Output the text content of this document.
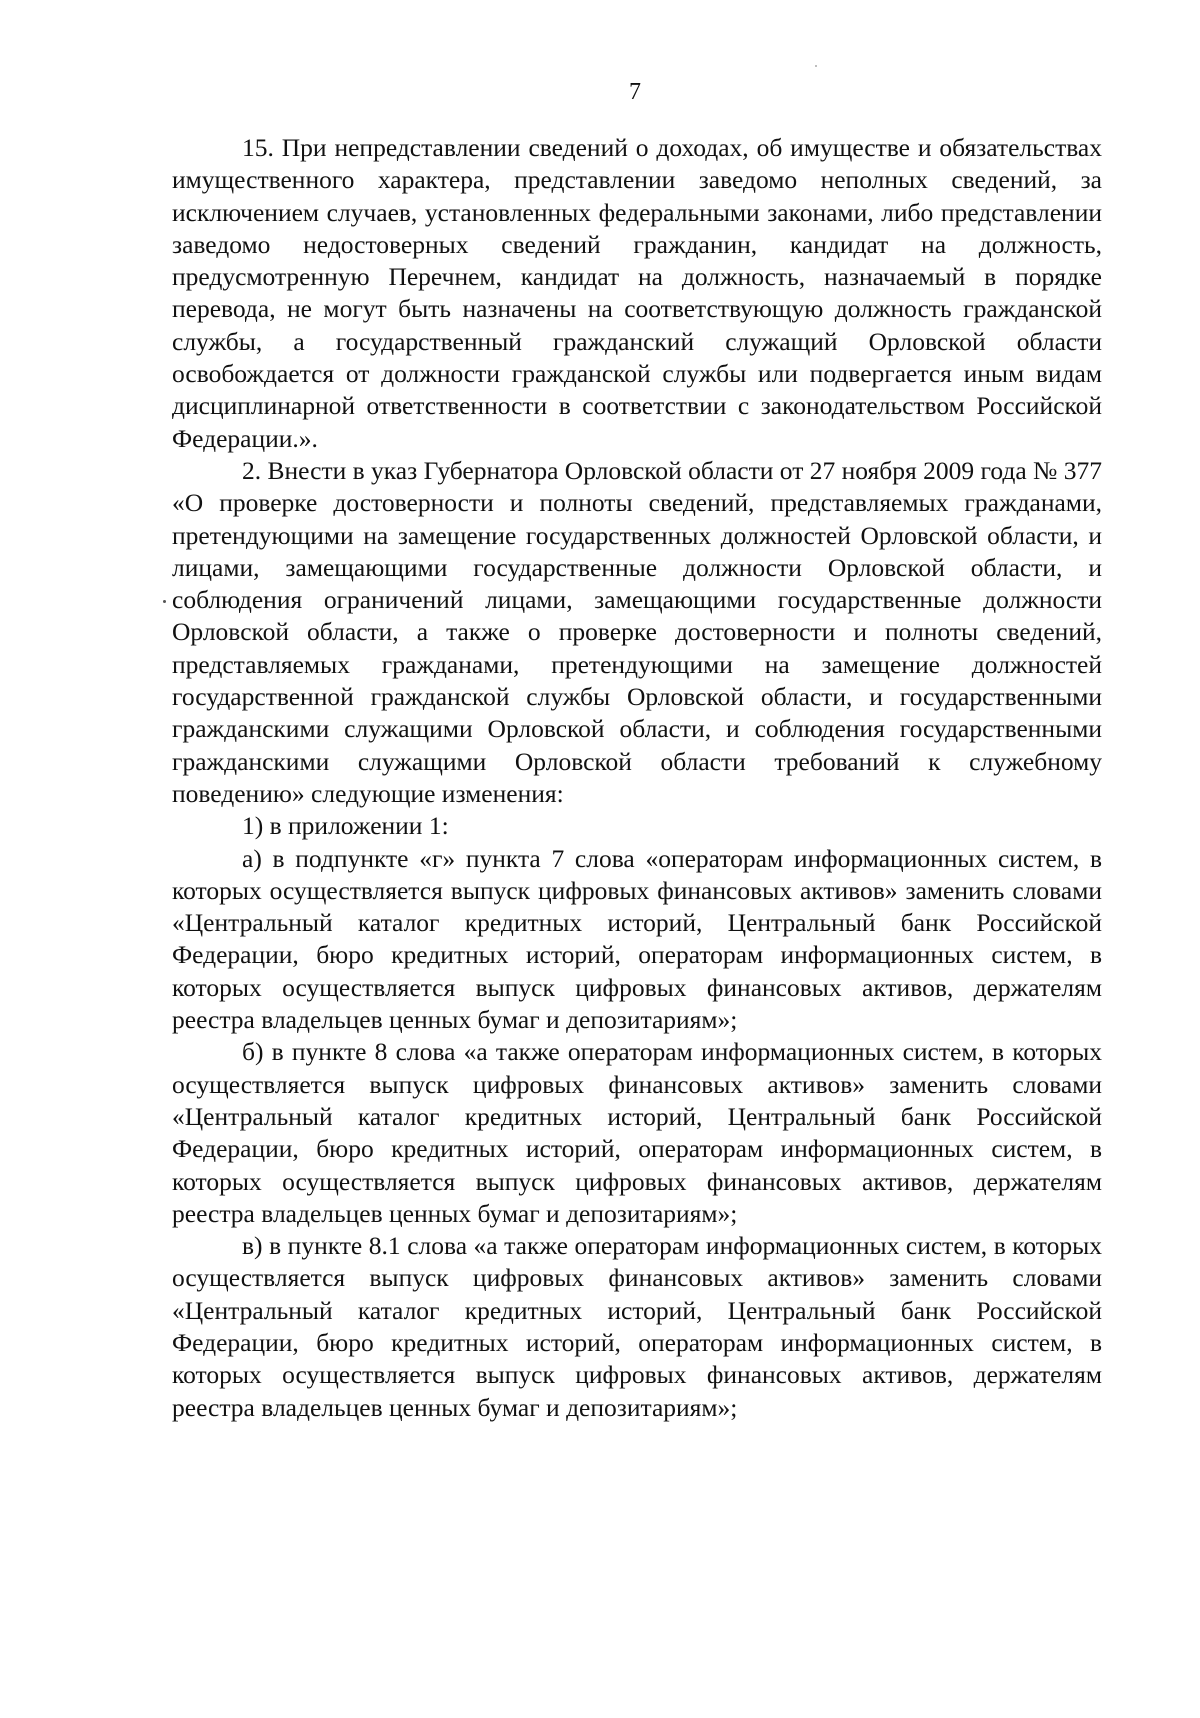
7

15. При непредставлении сведений о доходах, об имуществе и обязательствах имущественного характера, представлении заведомо неполных сведений, за исключением случаев, установленных федеральными законами, либо представлении заведомо недостоверных сведений гражданин, кандидат на должность, предусмотренную Перечнем, кандидат на должность, назначаемый в порядке перевода, не могут быть назначены на соответствующую должность гражданской службы, а государственный гражданский служащий Орловской области освобождается от должности гражданской службы или подвергается иным видам дисциплинарной ответственности в соответствии с законодательством Российской Федерации.».

2. Внести в указ Губернатора Орловской области от 27 ноября 2009 года № 377 «О проверке достоверности и полноты сведений, представляемых гражданами, претендующими на замещение государственных должностей Орловской области, и лицами, замещающими государственные должности Орловской области, и соблюдения ограничений лицами, замещающими государственные должности Орловской области, а также о проверке достоверности и полноты сведений, представляемых гражданами, претендующими на замещение должностей государственной гражданской службы Орловской области, и государственными гражданскими служащими Орловской области, и соблюдения государственными гражданскими служащими Орловской области требований к служебному поведению» следующие изменения:

1) в приложении 1:

а) в подпункте «г» пункта 7 слова «операторам информационных систем, в которых осуществляется выпуск цифровых финансовых активов» заменить словами «Центральный каталог кредитных историй, Центральный банк Российской Федерации, бюро кредитных историй, операторам информационных систем, в которых осуществляется выпуск цифровых финансовых активов, держателям реестра владельцев ценных бумаг и депозитариям»;

б) в пункте 8 слова «а также операторам информационных систем, в которых осуществляется выпуск цифровых финансовых активов» заменить словами «Центральный каталог кредитных историй, Центральный банк Российской Федерации, бюро кредитных историй, операторам информационных систем, в которых осуществляется выпуск цифровых финансовых активов, держателям реестра владельцев ценных бумаг и депозитариям»;

в) в пункте 8.1 слова «а также операторам информационных систем, в которых осуществляется выпуск цифровых финансовых активов» заменить словами «Центральный каталог кредитных историй, Центральный банк Российской Федерации, бюро кредитных историй, операторам информационных систем, в которых осуществляется выпуск цифровых финансовых активов, держателям реестра владельцев ценных бумаг и депозитариям»;
